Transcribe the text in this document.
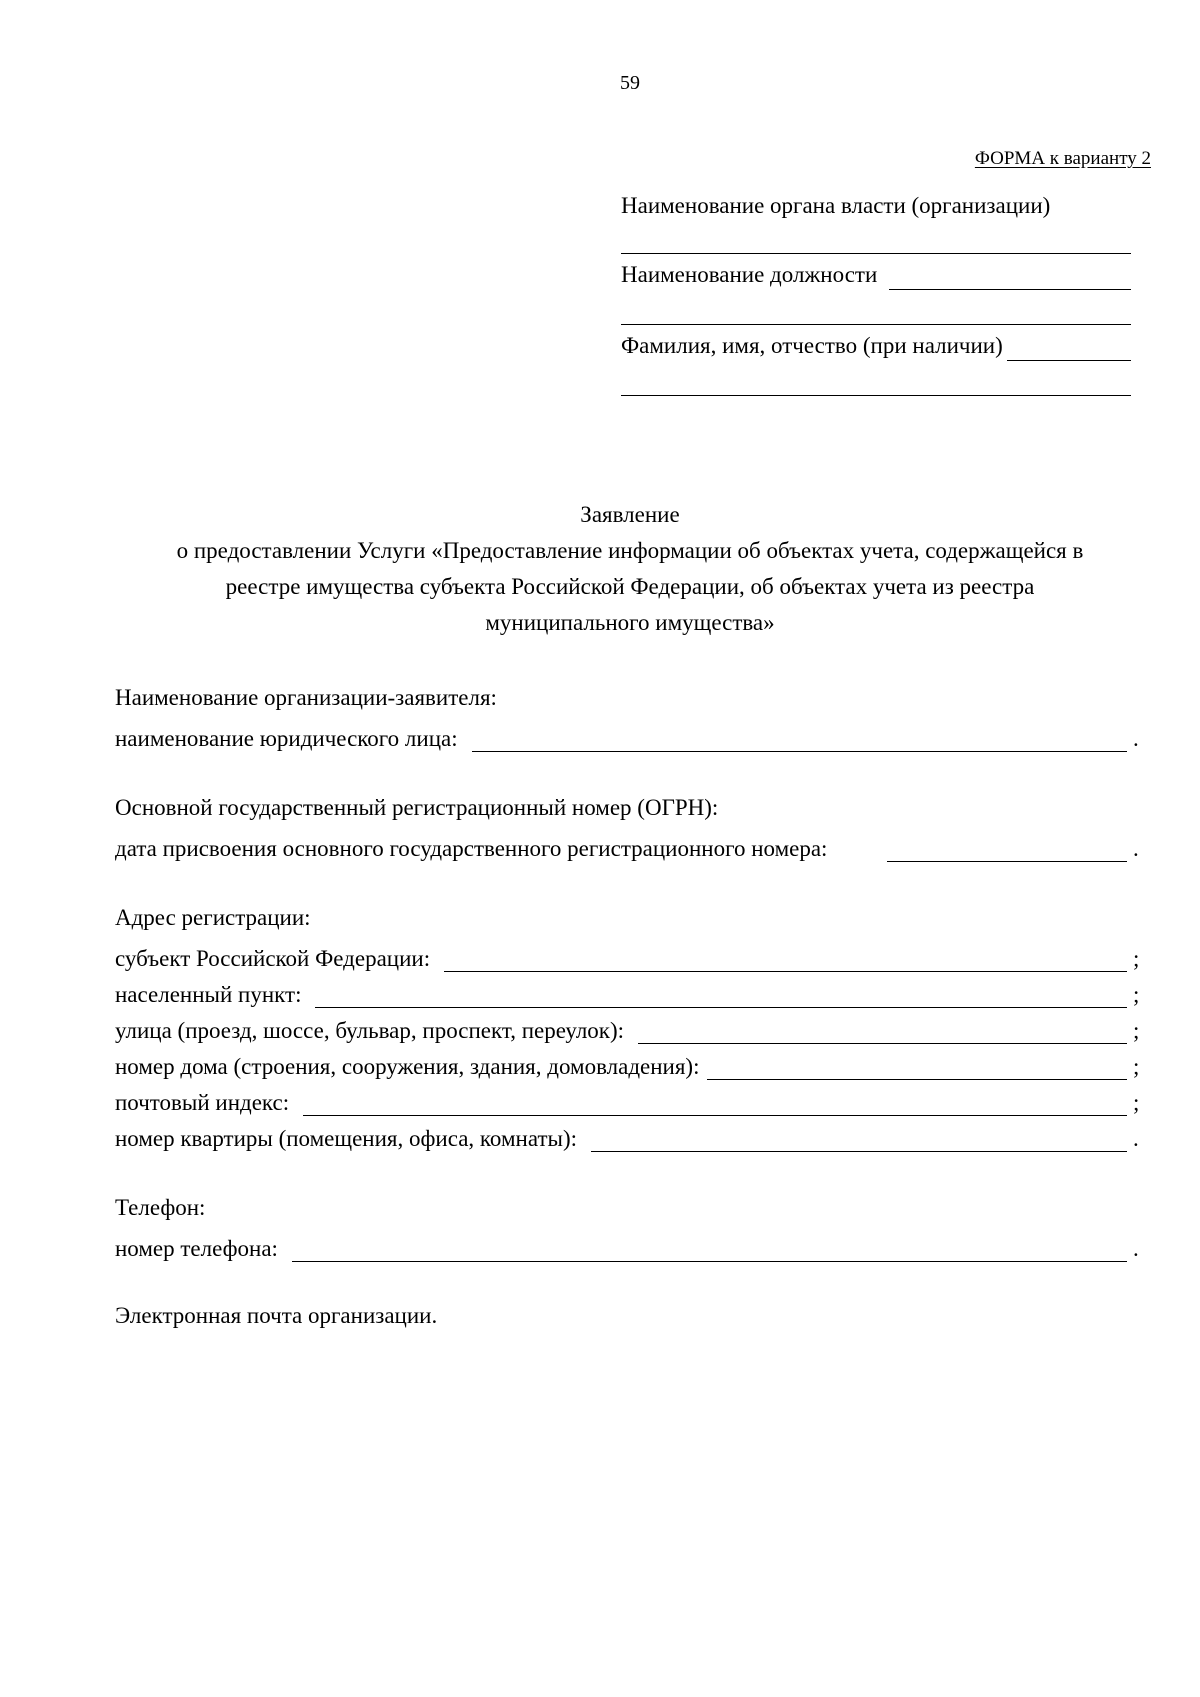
59
ФОРМА к варианту 2
Наименование органа власти (организации)
Наименование должности
Фамилия, имя, отчество (при наличии)
Заявление
о предоставлении Услуги «Предоставление информации об объектах учета, содержащейся в
реестре имущества субъекта Российской Федерации, об объектах учета из реестра
муниципального имущества»
Наименование организации-заявителя:
наименование юридического лица:	.
Основной государственный регистрационный номер (ОГРН):
дата присвоения основного государственного регистрационного номера:	.
Адрес регистрации:
субъект Российской Федерации:	;
населенный пункт:	;
улица (проезд, шоссе, бульвар, проспект, переулок):	;
номер дома (строения, сооружения, здания, домовладения):	;
почтовый индекс:	;
номер квартиры (помещения, офиса, комнаты):	.
Телефон:
номер телефона:	.
Электронная почта организации.
